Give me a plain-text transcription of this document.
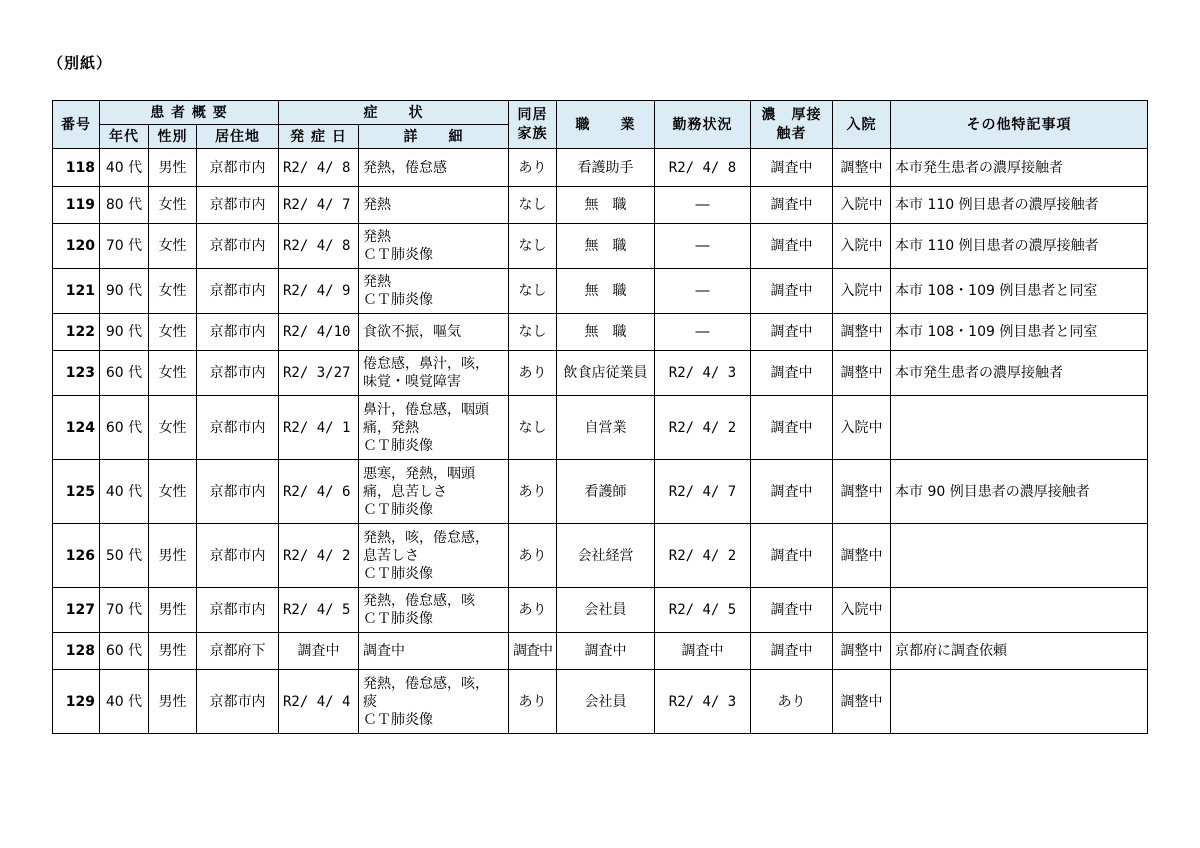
（別紙）
番号	患 者 概 要			症　　状		同居家族	職　　業	勤務状況	濃　厚接触者	入院	その他特記事項
	年代	性別	居住地	発 症 日	詳　　細						
118	40 代	男性	京都市内	R2/ 4/ 8	発熱，倦怠感	あり	看護助手	R2/ 4/ 8	調査中	調整中	本市発生患者の濃厚接触者
119	80 代	女性	京都市内	R2/ 4/ 7	発熱	なし	無　職	―	調査中	入院中	本市 110 例目患者の濃厚接触者
120	70 代	女性	京都市内	R2/ 4/ 8	発熱
ＣＴ肺炎像	なし	無　職	―	調査中	入院中	本市 110 例目患者の濃厚接触者
121	90 代	女性	京都市内	R2/ 4/ 9	発熱
ＣＴ肺炎像	なし	無　職	―	調査中	入院中	本市 108・109 例目患者と同室
122	90 代	女性	京都市内	R2/ 4/10	食欲不振，嘔気	なし	無　職	―	調査中	調整中	本市 108・109 例目患者と同室
123	60 代	女性	京都市内	R2/ 3/27	倦怠感，鼻汁，咳，
味覚・嗅覚障害	あり	飲食店従業員	R2/ 4/ 3	調査中	調整中	本市発生患者の濃厚接触者
124	60 代	女性	京都市内	R2/ 4/ 1	鼻汁，倦怠感，咽頭
痛，発熱
ＣＴ肺炎像	なし	自営業	R2/ 4/ 2	調査中	入院中	
125	40 代	女性	京都市内	R2/ 4/ 6	悪寒，発熱，咽頭
痛，息苦しさ
ＣＴ肺炎像	あり	看護師	R2/ 4/ 7	調査中	調整中	本市 90 例目患者の濃厚接触者
126	50 代	男性	京都市内	R2/ 4/ 2	発熱，咳，倦怠感，
息苦しさ
ＣＴ肺炎像	あり	会社経営	R2/ 4/ 2	調査中	調整中	
127	70 代	男性	京都市内	R2/ 4/ 5	発熱，倦怠感，咳
ＣＴ肺炎像	あり	会社員	R2/ 4/ 5	調査中	入院中	
128	60 代	男性	京都府下	調査中	調査中	調査中	調査中	調査中	調査中	調整中	京都府に調査依頼
129	40 代	男性	京都市内	R2/ 4/ 4	発熱，倦怠感，咳，
痰
ＣＴ肺炎像	あり	会社員	R2/ 4/ 3	あり	調整中	
